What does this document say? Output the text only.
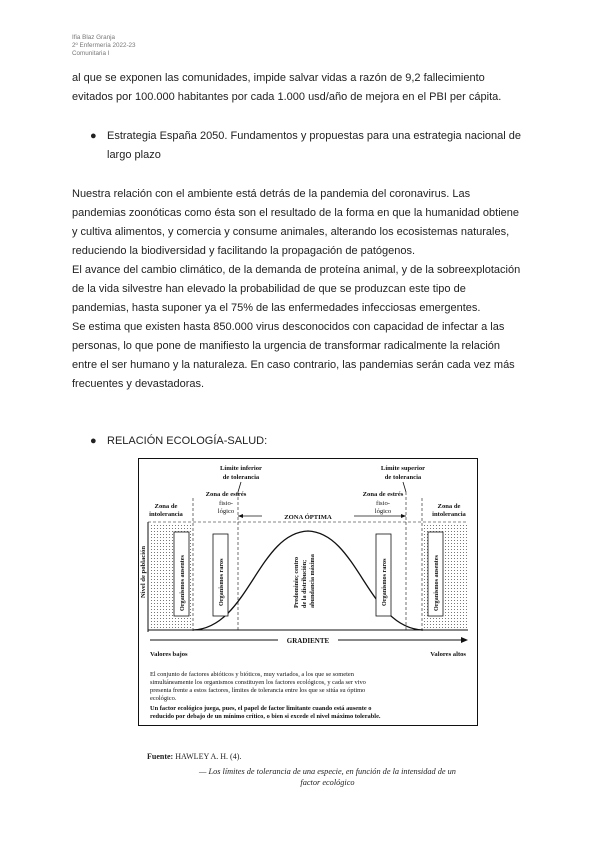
Ifia Blaz Granja
2º Enfermería 2022-23
Comunitaria I
al que se exponen las comunidades, impide salvar vidas a razón de 9,2 fallecimiento
evitados por 100.000 habitantes por cada 1.000 usd/año de mejora en el PBI per cápita.
● Estrategia España 2050. Fundamentos y propuestas para una estrategia nacional de
largo plazo
Nuestra relación con el ambiente está detrás de la pandemia del coronavirus. Las
pandemias zoonóticas como ésta son el resultado de la forma en que la humanidad obtiene
y cultiva alimentos, y comercia y consume animales, alterando los ecosistemas naturales,
reduciendo la biodiversidad y facilitando la propagación de patógenos.
El avance del cambio climático, de la demanda de proteína animal, y de la sobreexplotación
de la vida silvestre han elevado la probabilidad de que se produzcan este tipo de
pandemias, hasta suponer ya el 75% de las enfermedades infecciosas emergentes.
Se estima que existen hasta 850.000 virus desconocidos con capacidad de infectar a las
personas, lo que pone de manifiesto la urgencia de transformar radicalmente la relación
entre el ser humano y la naturaleza. En caso contrario, las pandemias serán cada vez más
frecuentes y devastadoras.
● RELACIÓN ECOLOGÍA-SALUD:
Límite inferior
de tolerancia
Límite superior
de tolerancia
Zona de
intolerancia
Zona de
intolerancia
Zona de estrés
fisio-
lógico
Zona de estrés
fisio-
lógico
ZONA ÓPTIMA
Nivel de población	Organismos ausentes	Organismos raros	Organismos raros	Organismos ausentes
Predominio; centro de la distribución; abundancia máxima
GRADIENTE
Valores bajos	Valores altos
El conjunto de factores abióticos y bióticos, muy variados, a los que se someten
simultáneamente los organismos constituyen los factores ecológicos, y cada ser vivo
presenta frente a estos factores, límites de tolerancia entre los que se sitúa su óptimo
ecológico.
Un factor ecológico juega, pues, el papel de factor limitante cuando está ausente o
reducido por debajo de un mínimo crítico, o bien si excede el nivel máximo tolerable.
Fuente: HAWLEY A. H. (4).
— Los límites de tolerancia de una especie, en función de la intensidad de un
factor ecológico
